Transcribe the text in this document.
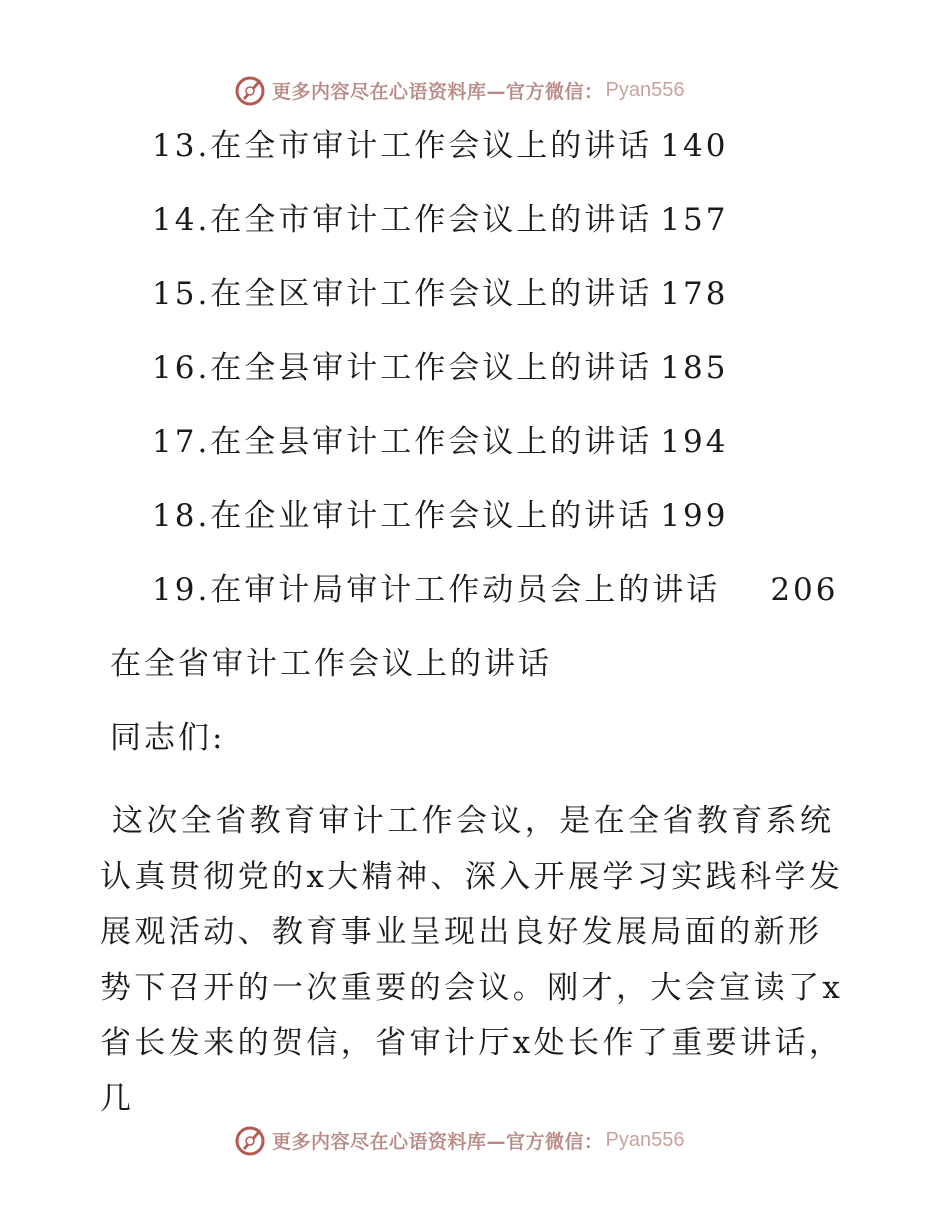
更多内容尽在心语资料库—官方微信： Pyan556
13.在全市审计工作会议上的讲话 140
14.在全市审计工作会议上的讲话 157
15.在全区审计工作会议上的讲话 178
16.在全县审计工作会议上的讲话 185
17.在全县审计工作会议上的讲话 194
18.在企业审计工作会议上的讲话 199
19.在审计局审计工作动员会上的讲话 206
在全省审计工作会议上的讲话
同志们:

这次全省教育审计工作会议，是在全省教育系统认真贯彻党的x大精神、深入开展学习实践科学发展观活动、教育事业呈现出良好发展局面的新形势下召开的一次重要的会议。刚才，大会宣读了x省长发来的贺信，省审计厅x处长作了重要讲话，几

更多内容尽在心语资料库—官方微信： Pyan556
